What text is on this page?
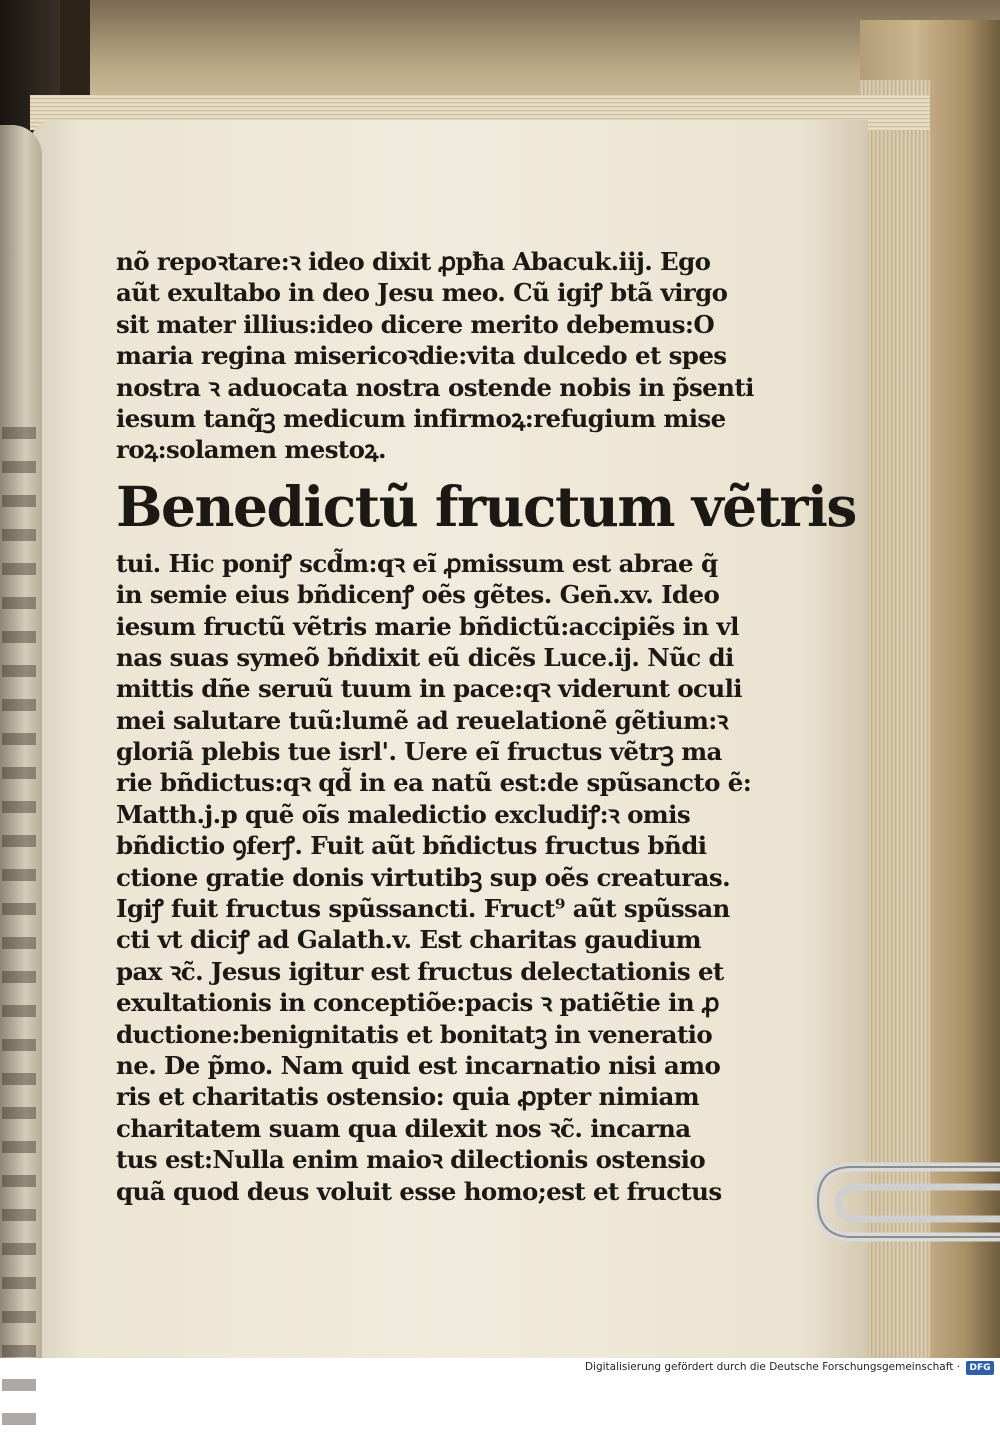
nõ repoꝛtare:ꝛ ideo dixit ꝓpħa Abacuk.iij. Ego
aũt exultabo in deo Jesu meo. Cũ igiꝭ btã virgo
sit mater illius:ideo dicere merito debemus:O
maria regina misericoꝛdie:vita dulcedo et spes
nostra ꝛ aduocata nostra ostende nobis in p̃senti
iesum tanq̃ꝫ medicum infirmoꝝ:refugium mise
roꝝ:solamen mestoꝝ.
Benedictũ fructum vẽtris
tui. Hic poniꝭ scd̃m:qꝛ eĩ ꝓmissum est abrae q̃
in semie eius bñdicenꝭ oẽs gẽtes. Gen̄.xv. Ideo
iesum fructũ vẽtris marie bñdictũ:accipiẽs in vl
nas suas symeõ bñdixit eũ dicẽs Luce.ij. Nũc di
mittis dñe seruũ tuum in pace:qꝛ viderunt oculi
mei salutare tuũ:lumẽ ad reuelationẽ gẽtium:ꝛ
gloriã plebis tue isrl'. Uere eĩ fructus vẽtrꝫ ma
rie bñdictus:qꝛ qd̃ in ea natũ est:de spũsancto ẽ:
Matth.j.p quẽ oĩs maledictio excludiꝭ:ꝛ omis
bñdictio ꝯferꝭ. Fuit aũt bñdictus fructus bñdi
ctione gratie donis virtutibꝫ sup oẽs creaturas.
Igiꝭ fuit fructus spũssancti. Fruct⁹ aũt spũssan
cti vt diciꝭ ad Galath.v. Est charitas gaudium
pax ꝛc̃. Jesus igitur est fructus delectationis et
exultationis in conceptiõe:pacis ꝛ patiẽtie in ꝓ
ductione:benignitatis et bonitatꝫ in veneratio
ne. De p̃mo. Nam quid est incarnatio nisi amo
ris et charitatis ostensio: quia ꝓpter nimiam
charitatem suam qua dilexit nos ꝛc̃. incarna
tus est:Nulla enim maioꝛ dilectionis ostensio
quã quod deus voluit esse homo;est et fructus
Digitalisierung gefördert durch die Deutsche Forschungsgemeinschaft ·	DFG
